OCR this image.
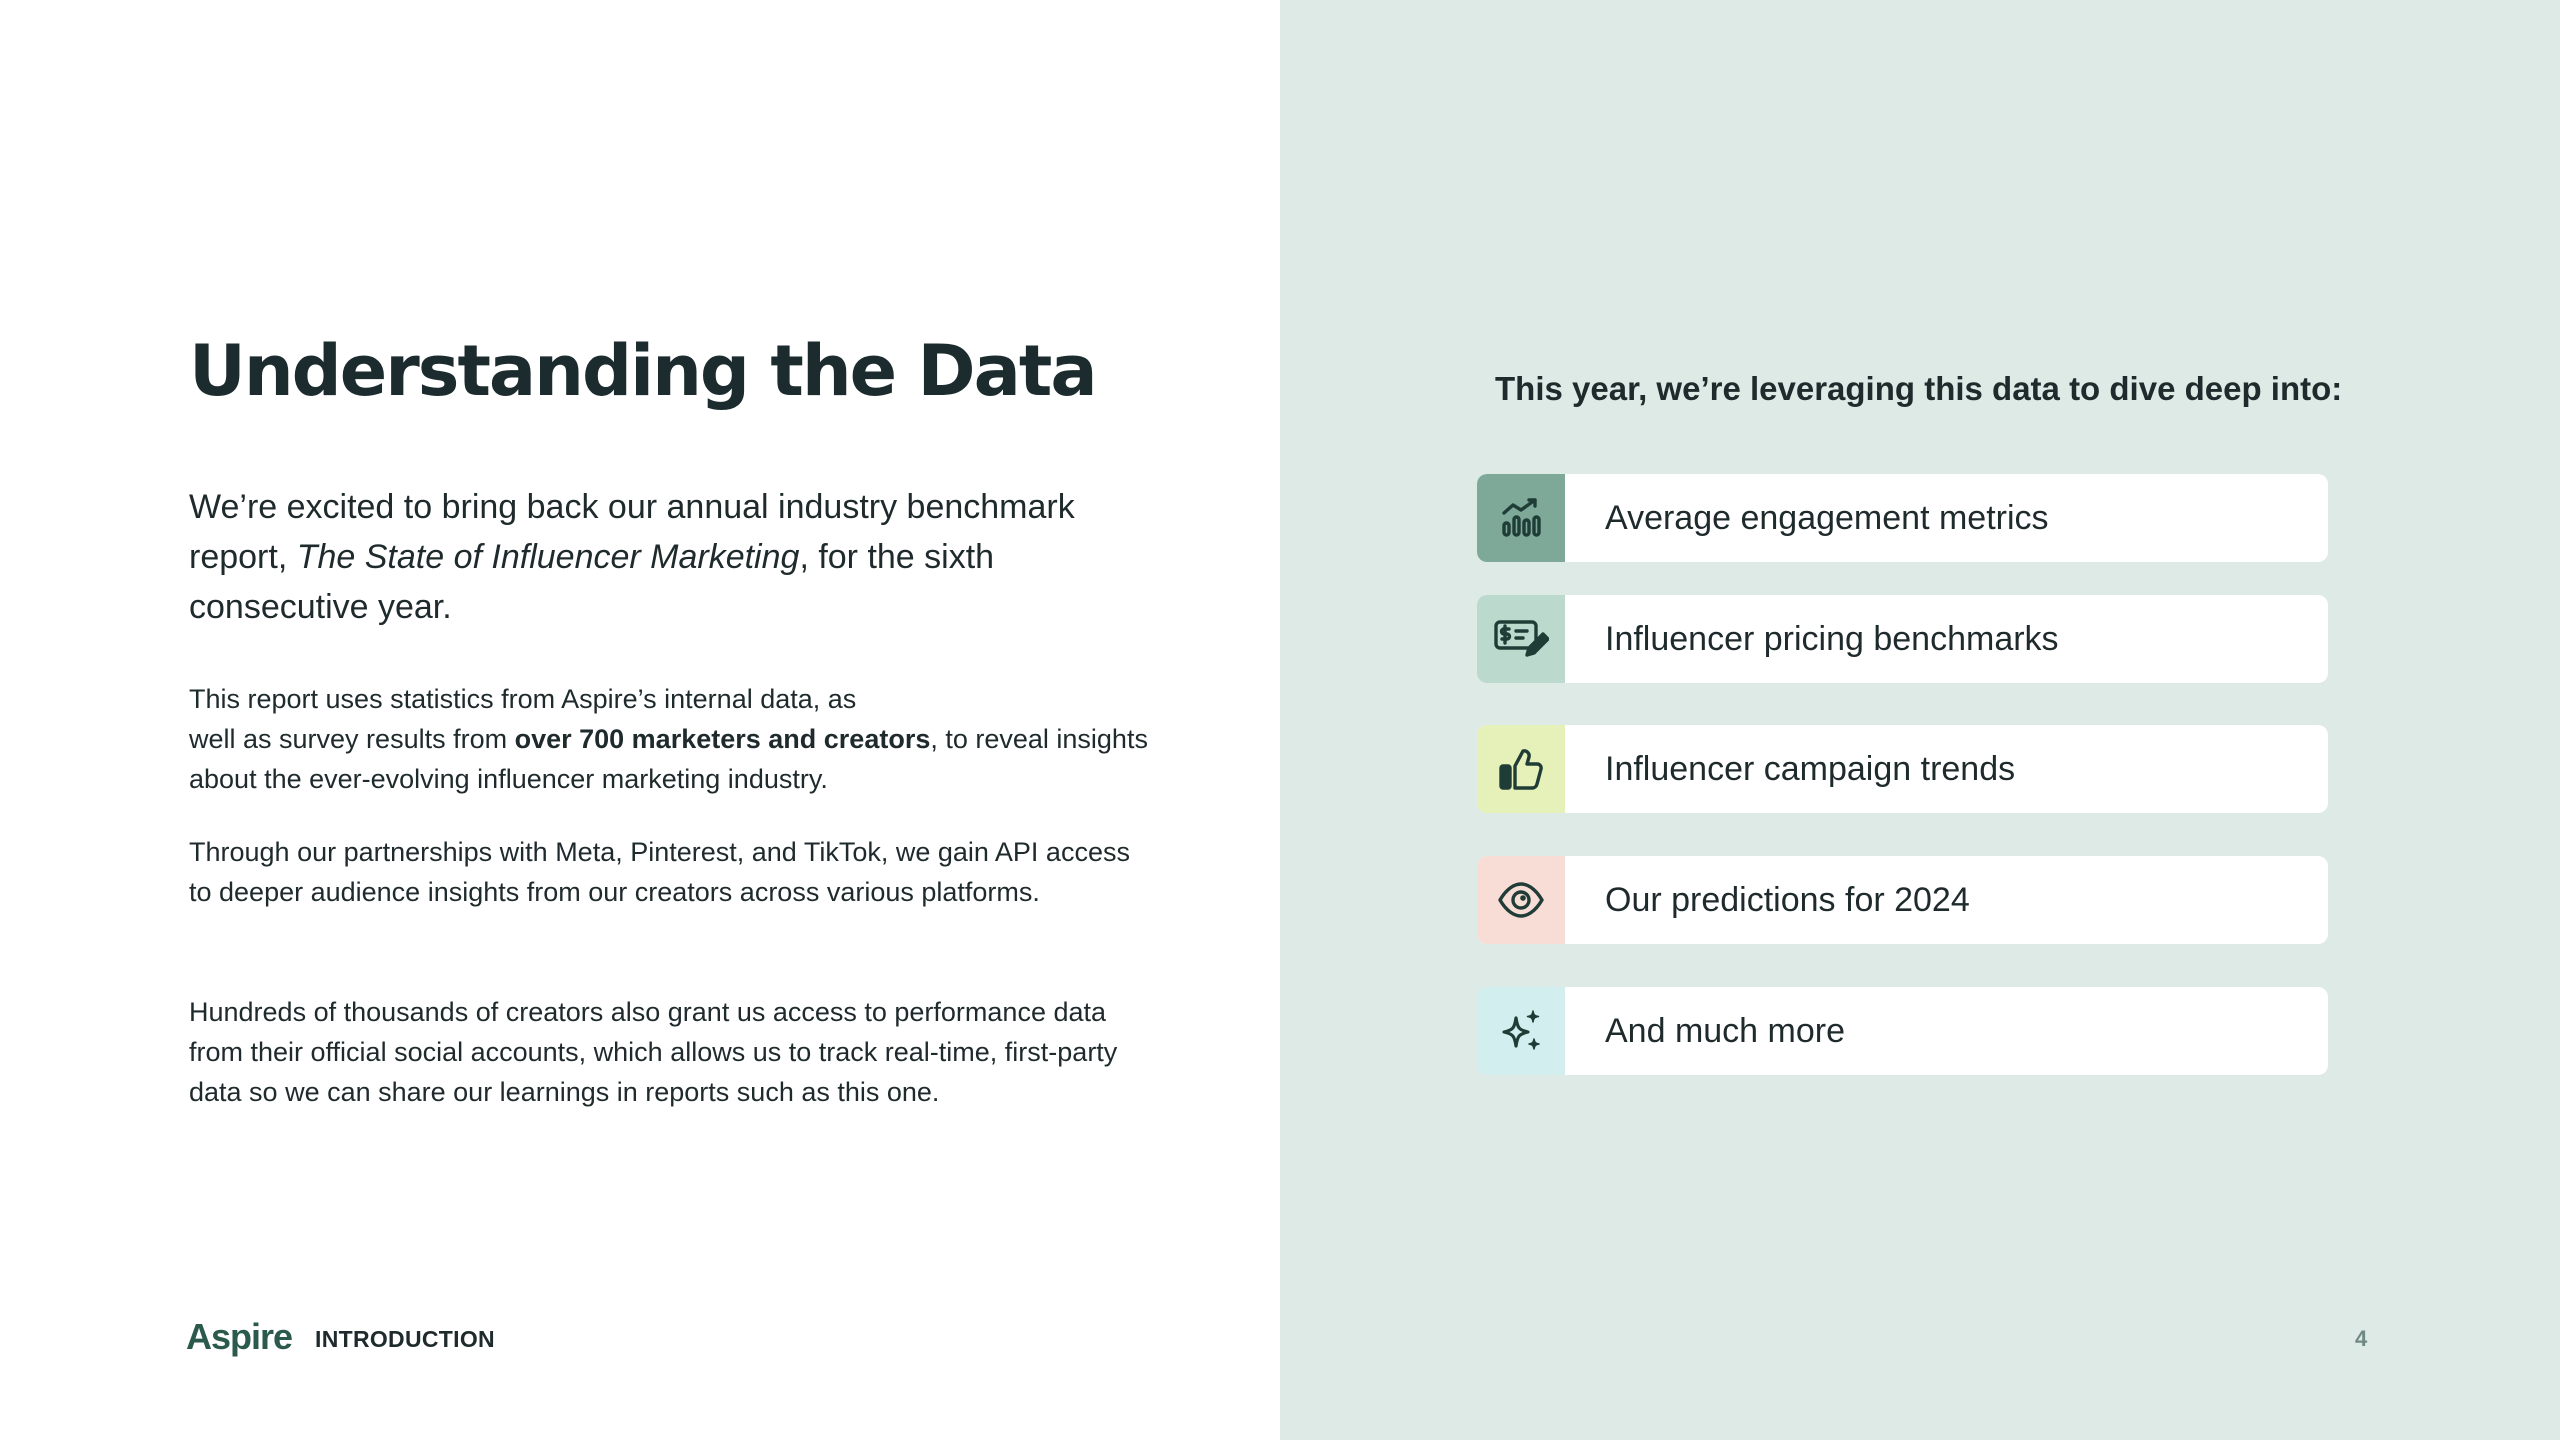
Understanding the Data

We’re excited to bring back our annual industry benchmark report, The State of Influencer Marketing, for the sixth consecutive year.

This report uses statistics from Aspire’s internal data, as
well as survey results from over 700 marketers and creators, to reveal insights about the ever-evolving influencer marketing industry.

Through our partnerships with Meta, Pinterest, and TikTok, we gain API access to deeper audience insights from our creators across various platforms.

Hundreds of thousands of creators also grant us access to performance data from their official social accounts, which allows us to track real-time, first-party data so we can share our learnings in reports such as this one.

Aspire INTRODUCTION
This year, we’re leveraging this data to dive deep into:
Average engagement metrics
Influencer pricing benchmarks
Influencer campaign trends
Our predictions for 2024
And much more
4
